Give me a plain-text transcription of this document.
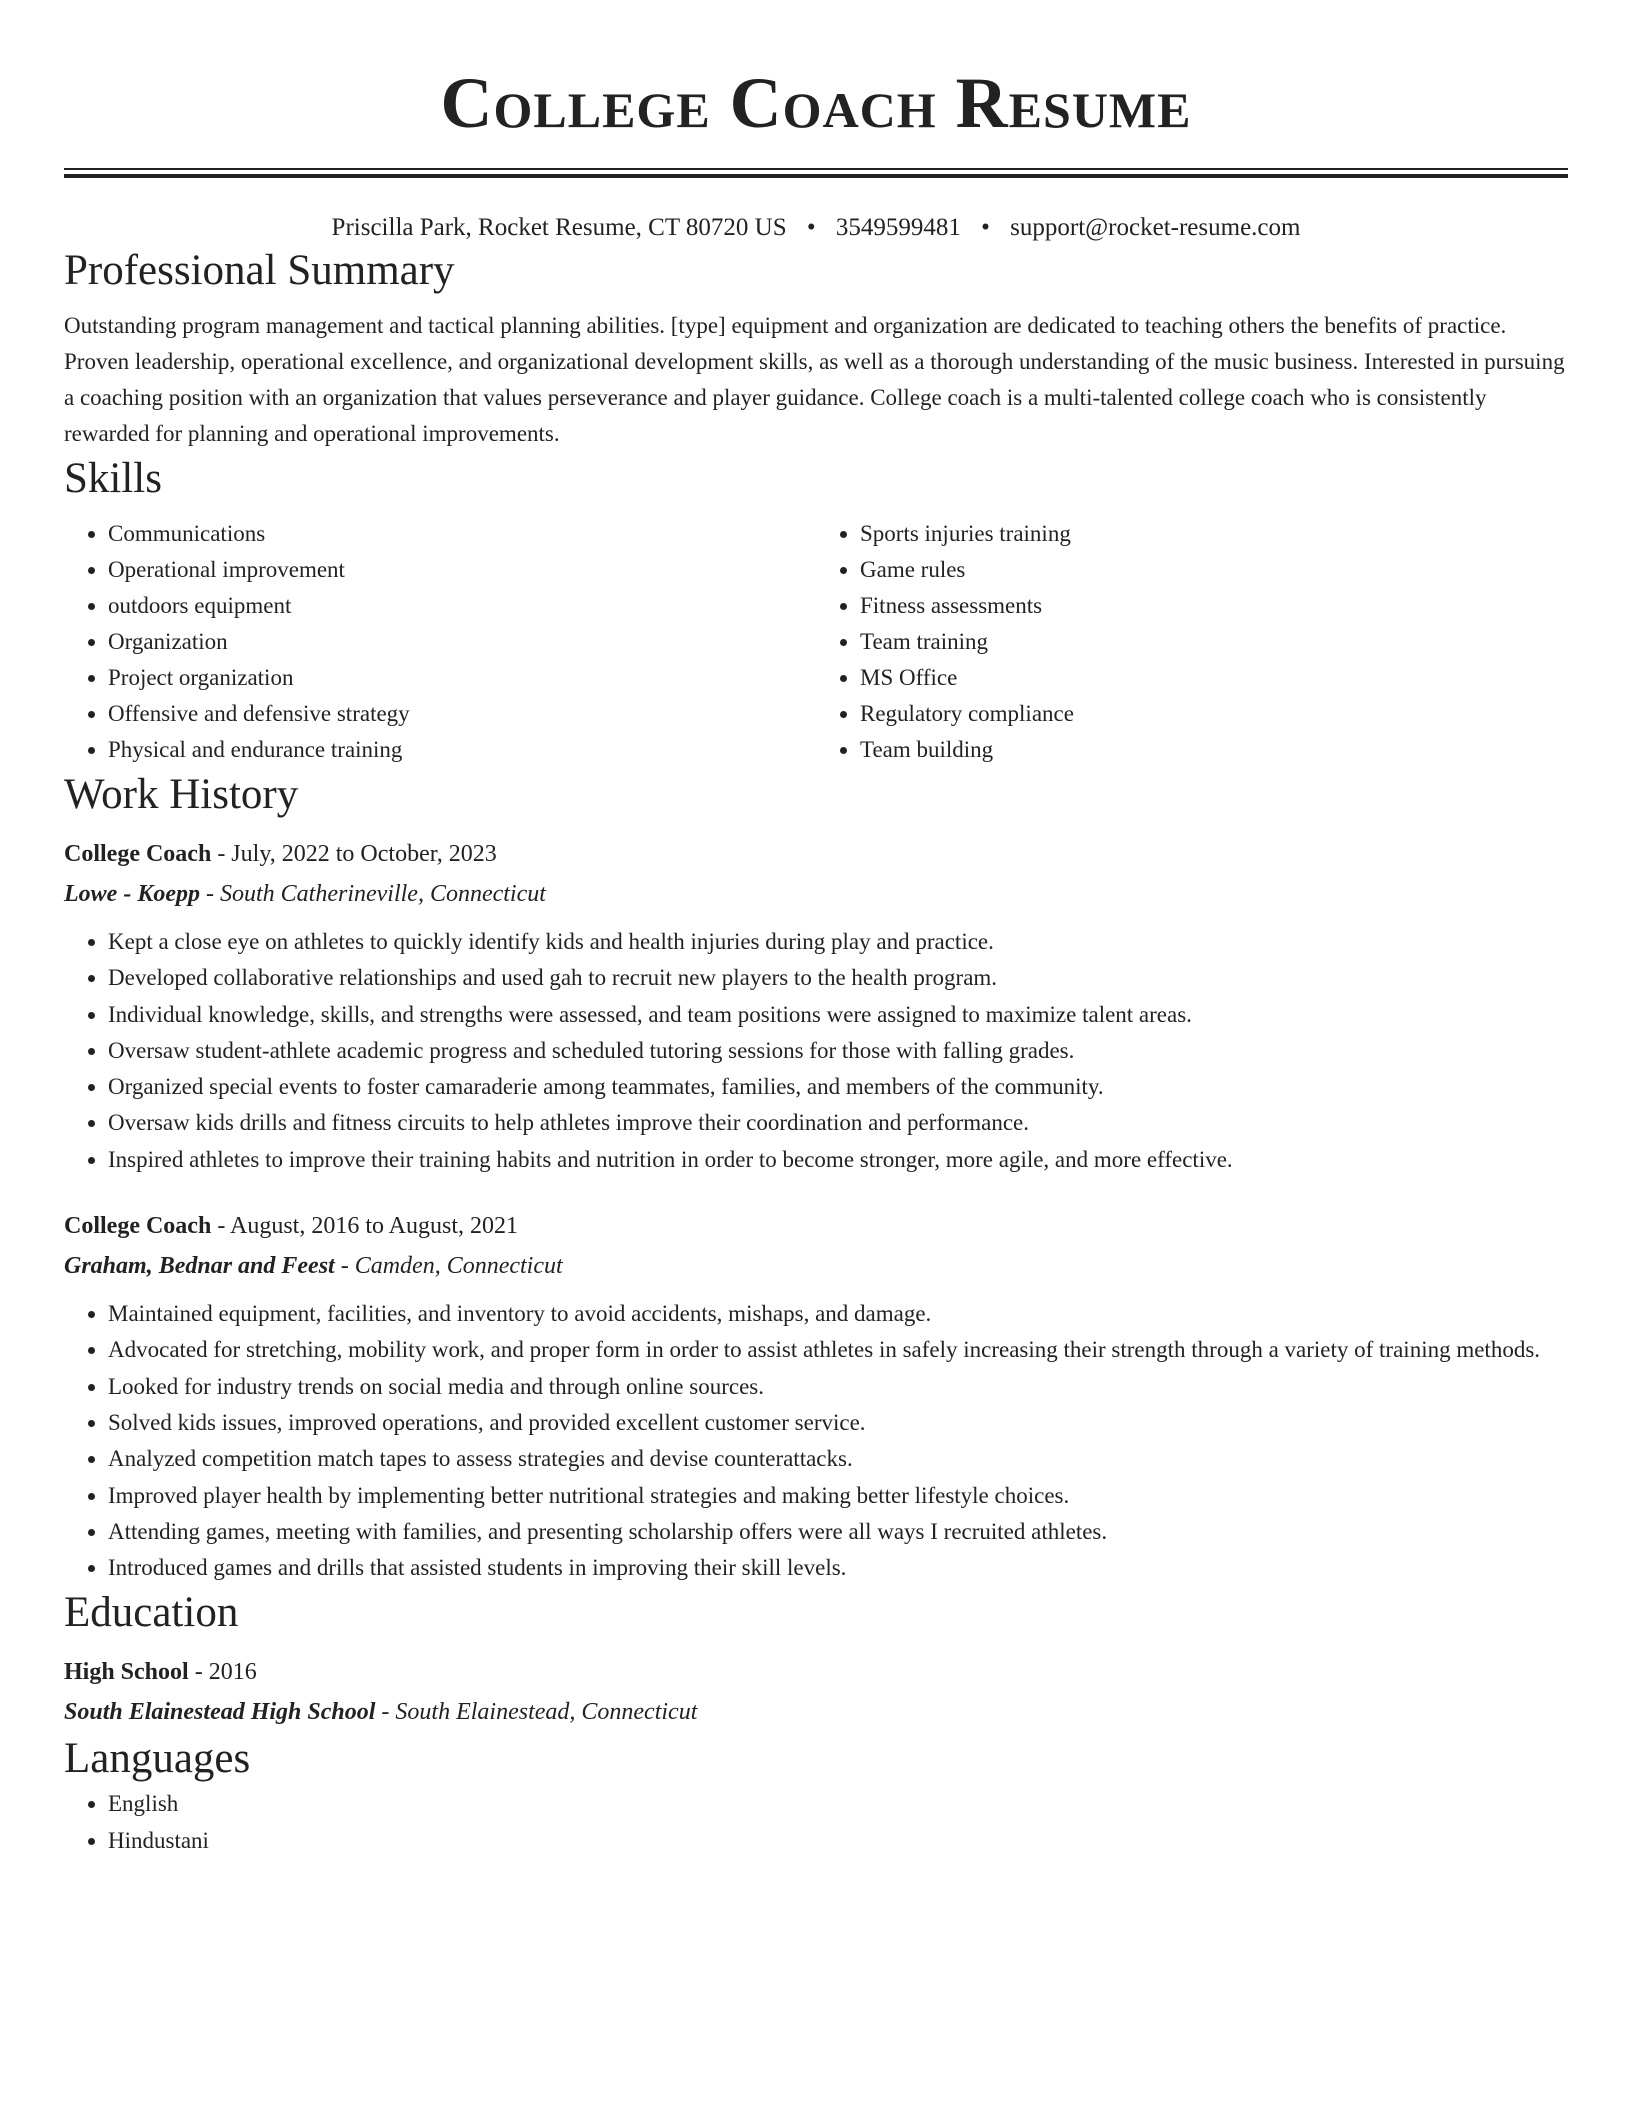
College Coach Resume
Priscilla Park, Rocket Resume, CT 80720 US • 3549599481 • support@rocket-resume.com
Professional Summary

Outstanding program management and tactical planning abilities. [type] equipment and organization are dedicated to teaching others the benefits of practice. Proven leadership, operational excellence, and organizational development skills, as well as a thorough understanding of the music business. Interested in pursuing a coaching position with an organization that values perseverance and player guidance. College coach is a multi-talented college coach who is consistently rewarded for planning and operational improvements.

Skills
• Communications
• Operational improvement
• outdoors equipment
• Organization
• Project organization
• Offensive and defensive strategy
• Physical and endurance training
• Sports injuries training
• Game rules
• Fitness assessments
• Team training
• MS Office
• Regulatory compliance
• Team building
Work History
College Coach - July, 2022 to October, 2023
Lowe - Koepp - South Catherineville, Connecticut
• Kept a close eye on athletes to quickly identify kids and health injuries during play and practice.
• Developed collaborative relationships and used gah to recruit new players to the health program.
• Individual knowledge, skills, and strengths were assessed, and team positions were assigned to maximize talent areas.
• Oversaw student-athlete academic progress and scheduled tutoring sessions for those with falling grades.
• Organized special events to foster camaraderie among teammates, families, and members of the community.
• Oversaw kids drills and fitness circuits to help athletes improve their coordination and performance.
• Inspired athletes to improve their training habits and nutrition in order to become stronger, more agile, and more effective.
College Coach - August, 2016 to August, 2021
Graham, Bednar and Feest - Camden, Connecticut
• Maintained equipment, facilities, and inventory to avoid accidents, mishaps, and damage.
• Advocated for stretching, mobility work, and proper form in order to assist athletes in safely increasing their strength through a variety of training methods.
• Looked for industry trends on social media and through online sources.
• Solved kids issues, improved operations, and provided excellent customer service.
• Analyzed competition match tapes to assess strategies and devise counterattacks.
• Improved player health by implementing better nutritional strategies and making better lifestyle choices.
• Attending games, meeting with families, and presenting scholarship offers were all ways I recruited athletes.
• Introduced games and drills that assisted students in improving their skill levels.
Education
High School - 2016
South Elainestead High School - South Elainestead, Connecticut
Languages
• English
• Hindustani
